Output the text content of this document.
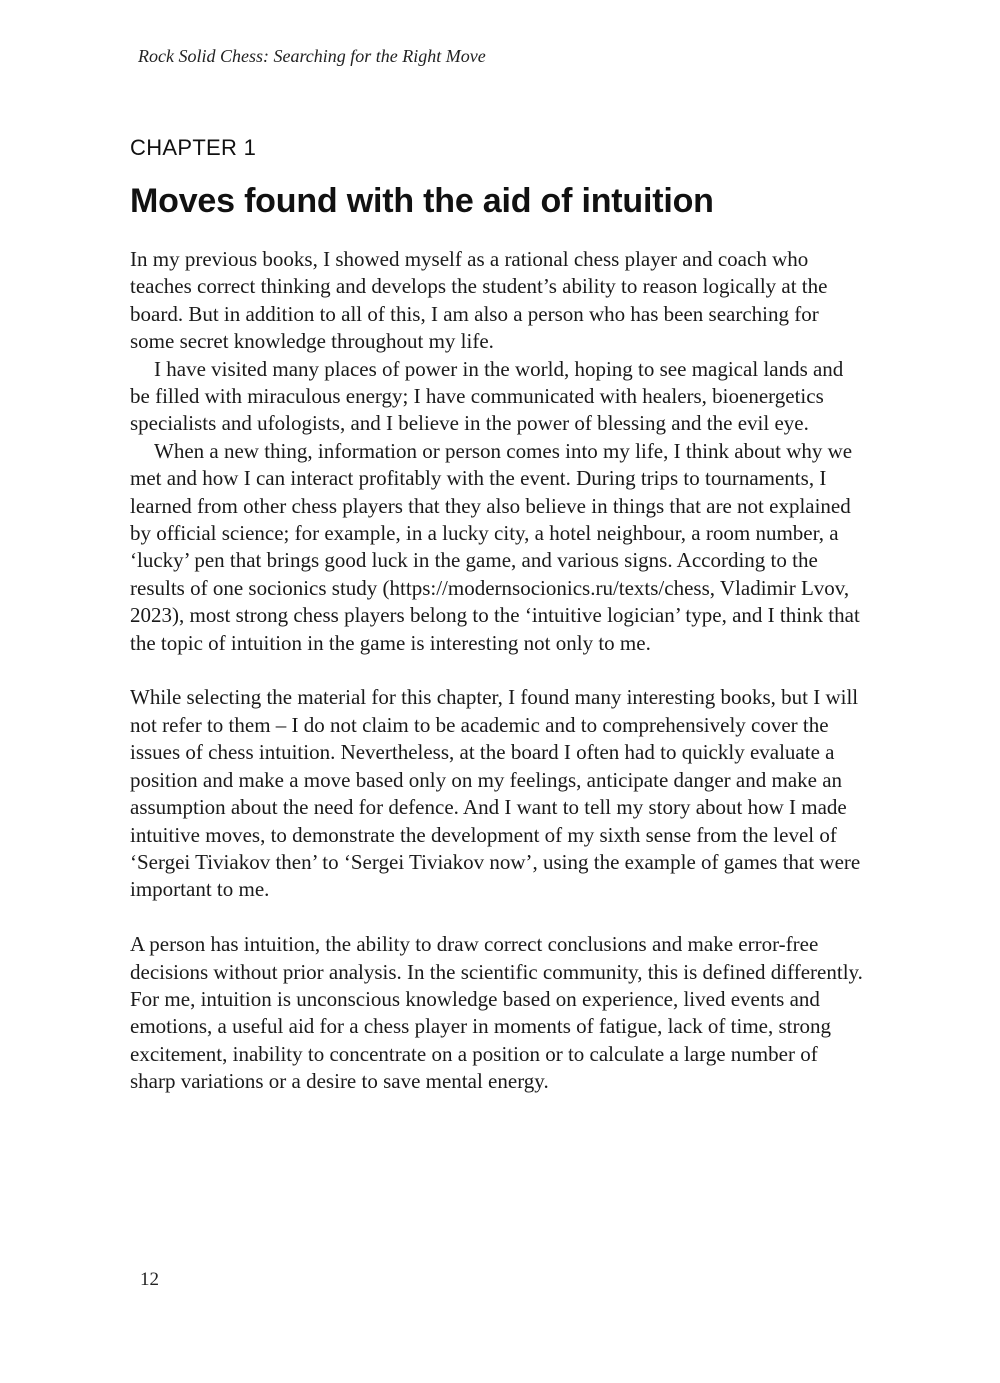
Rock Solid Chess: Searching for the Right Move
CHAPTER 1
Moves found with the aid of intuition

In my previous books, I showed myself as a rational chess player and coach who teaches correct thinking and develops the student’s ability to reason logically at the board. But in addition to all of this, I am also a person who has been searching for some secret knowledge throughout my life.

I have visited many places of power in the world, hoping to see magical lands and be filled with miraculous energy; I have communicated with healers, bioenergetics specialists and ufologists, and I believe in the power of blessing and the evil eye.

When a new thing, information or person comes into my life, I think about why we met and how I can interact profitably with the event. During trips to tournaments, I learned from other chess players that they also believe in things that are not explained by official science; for example, in a lucky city, a hotel neighbour, a room number, a ‘lucky’ pen that brings good luck in the game, and various signs. According to the results of one socionics study (https://modernsocionics.ru/texts/chess, Vladimir Lvov, 2023), most strong chess players belong to the ‘intuitive logician’ type, and I think that the topic of intuition in the game is interesting not only to me.

While selecting the material for this chapter, I found many interesting books, but I will not refer to them – I do not claim to be academic and to comprehensively cover the issues of chess intuition. Nevertheless, at the board I often had to quickly evaluate a position and make a move based only on my feelings, anticipate danger and make an assumption about the need for defence. And I want to tell my story about how I made intuitive moves, to demonstrate the development of my sixth sense from the level of ‘Sergei Tiviakov then’ to ‘Sergei Tiviakov now’, using the example of games that were important to me.

A person has intuition, the ability to draw correct conclusions and make error-free decisions without prior analysis. In the scientific community, this is defined differently. For me, intuition is unconscious knowledge based on experience, lived events and emotions, a useful aid for a chess player in moments of fatigue, lack of time, strong excitement, inability to concentrate on a position or to calculate a large number of sharp variations or a desire to save mental energy.

12
